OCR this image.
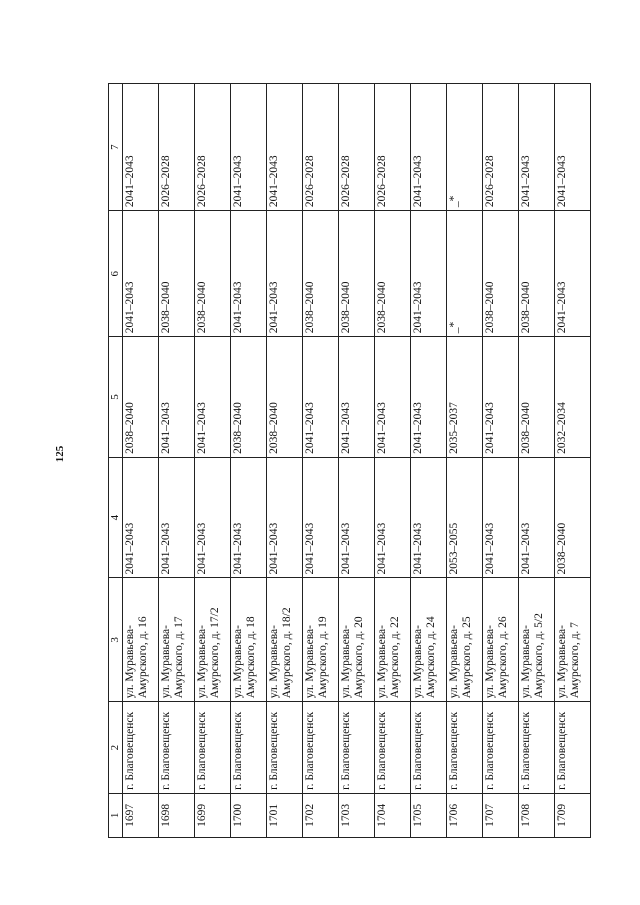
125
1	2	3	4	5	6	7
1697	г. Благовещенск	ул. Муравьева-Амурского, д. 16	2041–2043	2038–2040	2041–2043	2041–2043
1698	г. Благовещенск	ул. Муравьева-Амурского, д. 17	2041–2043	2041–2043	2038–2040	2026–2028
1699	г. Благовещенск	ул. Муравьева-Амурского, д. 17/2	2041–2043	2041–2043	2038–2040	2026–2028
1700	г. Благовещенск	ул. Муравьева-Амурского, д. 18	2041–2043	2038–2040	2041–2043	2041–2043
1701	г. Благовещенск	ул. Муравьева-Амурского, д. 18/2	2041–2043	2038–2040	2041–2043	2041–2043
1702	г. Благовещенск	ул. Муравьева-Амурского, д. 19	2041–2043	2041–2043	2038–2040	2026–2028
1703	г. Благовещенск	ул. Муравьева-Амурского, д. 20	2041–2043	2041–2043	2038–2040	2026–2028
1704	г. Благовещенск	ул. Муравьева-Амурского, д. 22	2041–2043	2041–2043	2038–2040	2026–2028
1705	г. Благовещенск	ул. Муравьева-Амурского, д. 24	2041–2043	2041–2043	2041–2043	2041–2043
1706	г. Благовещенск	ул. Муравьева-Амурского, д. 25	2053–2055	2035–2037	_*	_*
1707	г. Благовещенск	ул. Муравьева-Амурского, д. 26	2041–2043	2041–2043	2038–2040	2026–2028
1708	г. Благовещенск	ул. Муравьева-Амурского, д. 5/2	2041–2043	2038–2040	2038–2040	2041–2043
1709	г. Благовещенск	ул. Муравьева-Амурского, д. 7	2038–2040	2032–2034	2041–2043	2041–2043
